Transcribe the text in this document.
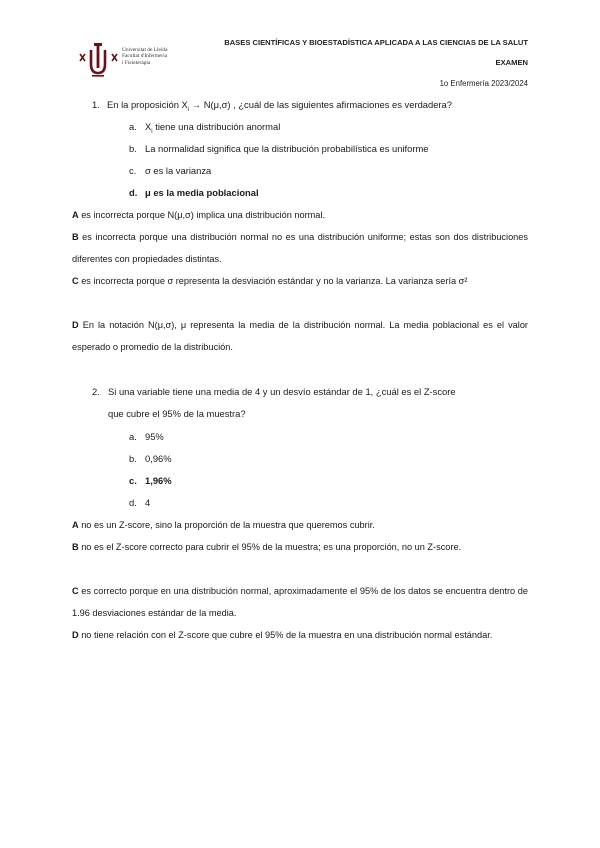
Universitat de Lleida
Facultat d'Infermeria
i Fisioteràpia
BASES CIENTÍFICAS Y BIOESTADÍSTICA APLICADA A LAS CIENCIAS DE LA SALUT
EXAMEN
1o Enfermería 2023/2024
1. En la proposición $X_i \to N(\mu,\sigma)$ , ¿cuál de las siguientes afirmaciones es verdadera?
a. $X_i$ tiene una distribución anormal
b. La normalidad significa que la distribución probabilística es uniforme
c. σ es la varianza
d. μ es la media poblacional
A es incorrecta porque N(μ,σ) implica una distribución normal.
B es incorrecta porque una distribución normal no es una distribución uniforme; estas son dos distribuciones diferentes con propiedades distintas.
C es incorrecta porque σ representa la desviación estándar y no la varianza. La varianza sería σ²
D En la notación N(μ,σ), μ representa la media de la distribución normal. La media poblacional es el valor esperado o promedio de la distribución.
2. Si una variable tiene una media de 4 y un desvío estándar de 1, ¿cuál es el Z-score
que cubre el 95% de la muestra?
a. 95%
b. 0,96%
c. 1,96%
d. 4
A no es un Z-score, sino la proporción de la muestra que queremos cubrir.
B no es el Z-score correcto para cubrir el 95% de la muestra; es una proporción, no un Z-score.
C es correcto porque en una distribución normal, aproximadamente el 95% de los datos se encuentra dentro de 1.96 desviaciones estándar de la media.
D no tiene relación con el Z-score que cubre el 95% de la muestra en una distribución normal estándar.
